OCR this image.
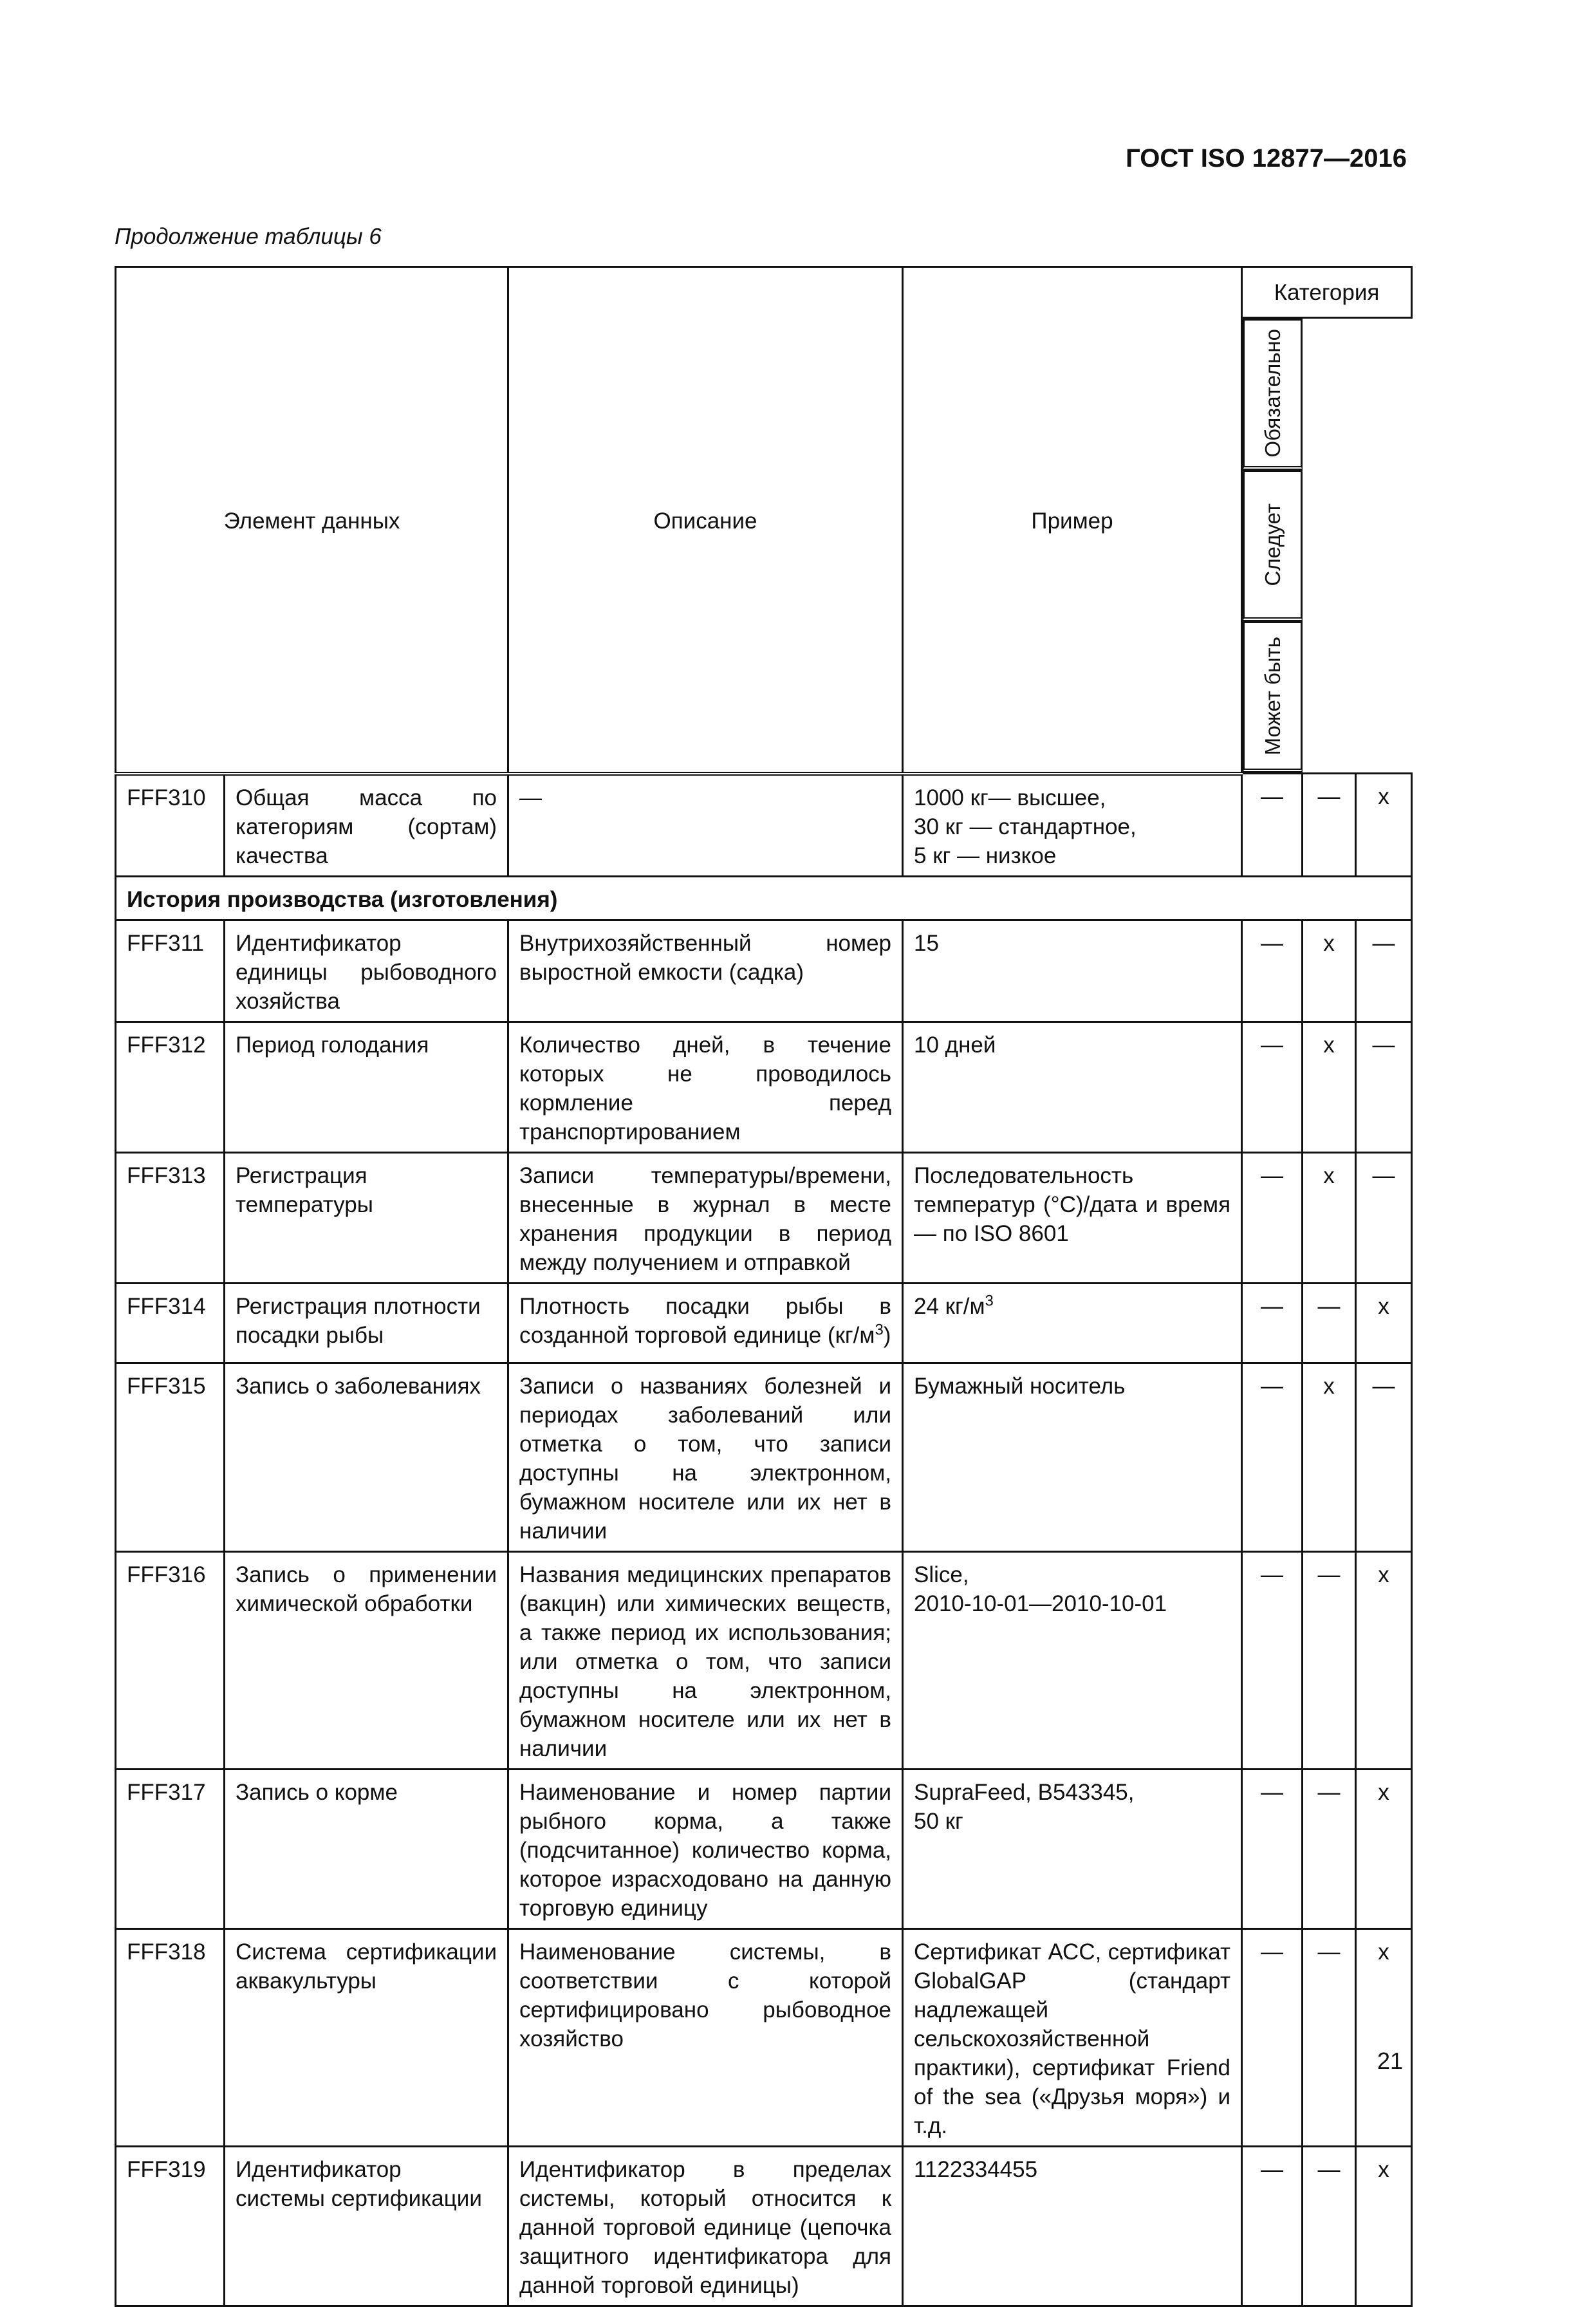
ГОСТ ISO 12877—2016
Продолжение таблицы 6
Элемент данных		Описание	Пример	Категория		

Обязательно
Следует
Может быть

FFF310	Общая масса по категориям (сортам) качества	—	1000 кг— высшее,
30 кг — стандартное,
5 кг — низкое	—	—	x
История производства (изготовления)						
FFF311	Идентификатор единицы рыбоводного хозяйства	Внутрихозяйственный номер выростной емкости (садка)	15	—	x	—
FFF312	Период голодания	Количество дней, в течение которых не проводилось кормление перед транспортированием	10 дней	—	x	—
FFF313	Регистрация температуры	Записи температуры/времени, внесенные в журнал в месте хранения продукции в период между получением и отправкой	Последовательность температур (°С)/дата и время — по ISO 8601	—	x	—
FFF314	Регистрация плотности посадки рыбы	Плотность посадки рыбы в созданной торговой единице $(кг/м^3)$	24 $кг/м^3$	—	—	x
FFF315	Запись о заболеваниях	Записи о названиях болезней и периодах заболеваний или отметка о том, что записи доступны на электронном, бумажном носителе или их нет в наличии	Бумажный носитель	—	x	—
FFF316	Запись о применении химической обработки	Названия медицинских препаратов (вакцин) или химических веществ, а также период их использования; или отметка о том, что записи доступны на электронном, бумажном носителе или их нет в наличии	Slice,
2010-10-01—2010-10-01	—	—	x
FFF317	Запись о корме	Наименование и номер партии рыбного корма, а также (подсчитанное) количество корма, которое израсходовано на данную торговую единицу	SupraFeed, B543345,
50 кг	—	—	x
FFF318	Система сертификации аквакультуры	Наименование системы, в соответствии с которой сертифицировано рыбоводное хозяйство	Сертификат АСС, сертификат GlobalGAP (стандарт надлежащей сельскохозяйственной практики), сертификат Friend of the sea («Друзья моря») и т.д.	—	—	x
FFF319	Идентификатор системы сертификации	Идентификатор в пределах системы, который относится к данной торговой единице (цепочка защитного идентификатора для данной торговой единицы)	1122334455	—	—	x
21
